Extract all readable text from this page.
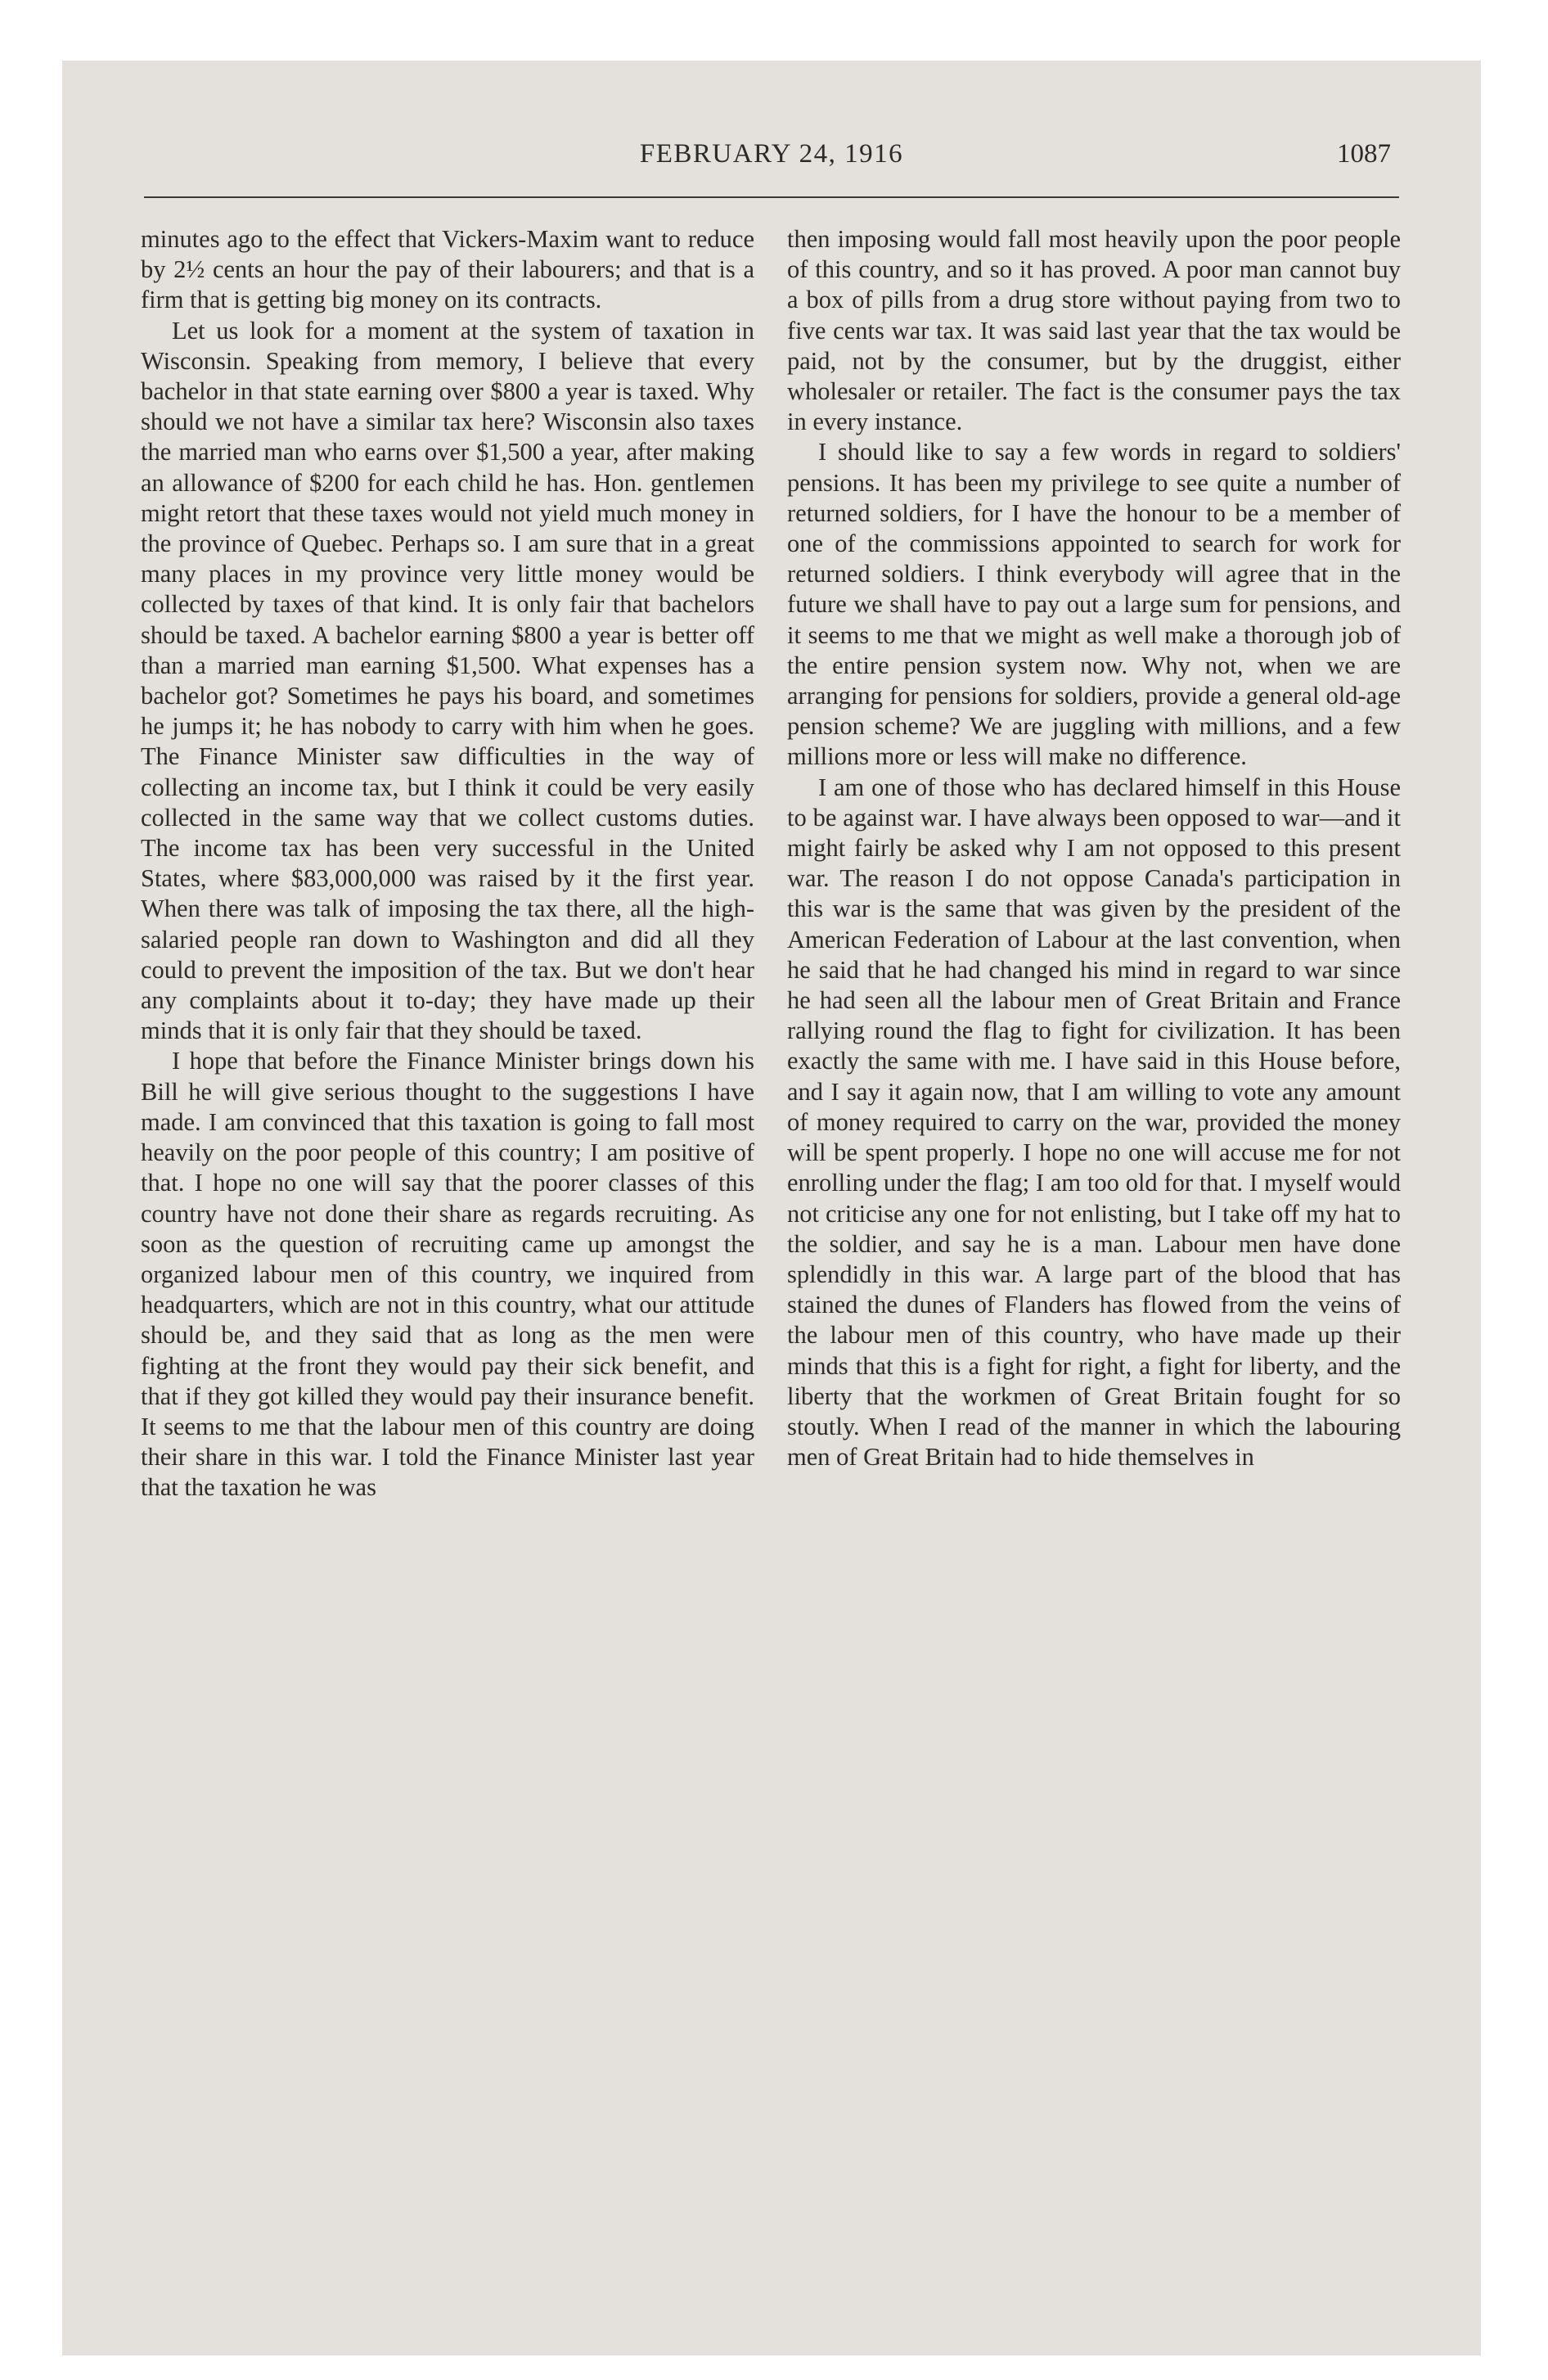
FEBRUARY 24, 1916	1087

minutes ago to the effect that Vickers-Maxim want to reduce by 2½ cents an hour the pay of their labourers; and that is a firm that is getting big money on its contracts.

Let us look for a moment at the system of taxation in Wisconsin. Speaking from memory, I believe that every bachelor in that state earning over $800 a year is taxed. Why should we not have a similar tax here? Wisconsin also taxes the married man who earns over $1,500 a year, after making an allowance of $200 for each child he has. Hon. gentlemen might retort that these taxes would not yield much money in the province of Quebec. Perhaps so. I am sure that in a great many places in my province very little money would be collected by taxes of that kind. It is only fair that bachelors should be taxed. A bachelor earning $800 a year is better off than a married man earning $1,500. What expenses has a bachelor got? Sometimes he pays his board, and sometimes he jumps it; he has nobody to carry with him when he goes. The Finance Minister saw difficulties in the way of collecting an income tax, but I think it could be very easily collected in the same way that we collect customs duties. The income tax has been very successful in the United States, where $83,000,000 was raised by it the first year. When there was talk of imposing the tax there, all the high-salaried people ran down to Washington and did all they could to prevent the imposition of the tax. But we don't hear any complaints about it to-day; they have made up their minds that it is only fair that they should be taxed.

I hope that before the Finance Minister brings down his Bill he will give serious thought to the suggestions I have made. I am convinced that this taxation is going to fall most heavily on the poor people of this country; I am positive of that. I hope no one will say that the poorer classes of this country have not done their share as regards recruiting. As soon as the question of recruiting came up amongst the organized labour men of this country, we inquired from headquarters, which are not in this country, what our attitude should be, and they said that as long as the men were fighting at the front they would pay their sick benefit, and that if they got killed they would pay their insurance benefit. It seems to me that the labour men of this country are doing their share in this war. I told the Finance Minister last year that the taxation he was

then imposing would fall most heavily upon the poor people of this country, and so it has proved. A poor man cannot buy a box of pills from a drug store without paying from two to five cents war tax. It was said last year that the tax would be paid, not by the consumer, but by the druggist, either wholesaler or retailer. The fact is the consumer pays the tax in every instance.

I should like to say a few words in regard to soldiers' pensions. It has been my privilege to see quite a number of returned soldiers, for I have the honour to be a member of one of the commissions appointed to search for work for returned soldiers. I think everybody will agree that in the future we shall have to pay out a large sum for pensions, and it seems to me that we might as well make a thorough job of the entire pension system now. Why not, when we are arranging for pensions for soldiers, provide a general old-age pension scheme? We are juggling with millions, and a few millions more or less will make no difference.

I am one of those who has declared himself in this House to be against war. I have always been opposed to war—and it might fairly be asked why I am not opposed to this present war. The reason I do not oppose Canada's participation in this war is the same that was given by the president of the American Federation of Labour at the last convention, when he said that he had changed his mind in regard to war since he had seen all the labour men of Great Britain and France rallying round the flag to fight for civilization. It has been exactly the same with me. I have said in this House before, and I say it again now, that I am willing to vote any amount of money required to carry on the war, provided the money will be spent properly. I hope no one will accuse me for not enrolling under the flag; I am too old for that. I myself would not criticise any one for not enlisting, but I take off my hat to the soldier, and say he is a man. Labour men have done splendidly in this war. A large part of the blood that has stained the dunes of Flanders has flowed from the veins of the labour men of this country, who have made up their minds that this is a fight for right, a fight for liberty, and the liberty that the workmen of Great Britain fought for so stoutly. When I read of the manner in which the labouring men of Great Britain had to hide themselves in
